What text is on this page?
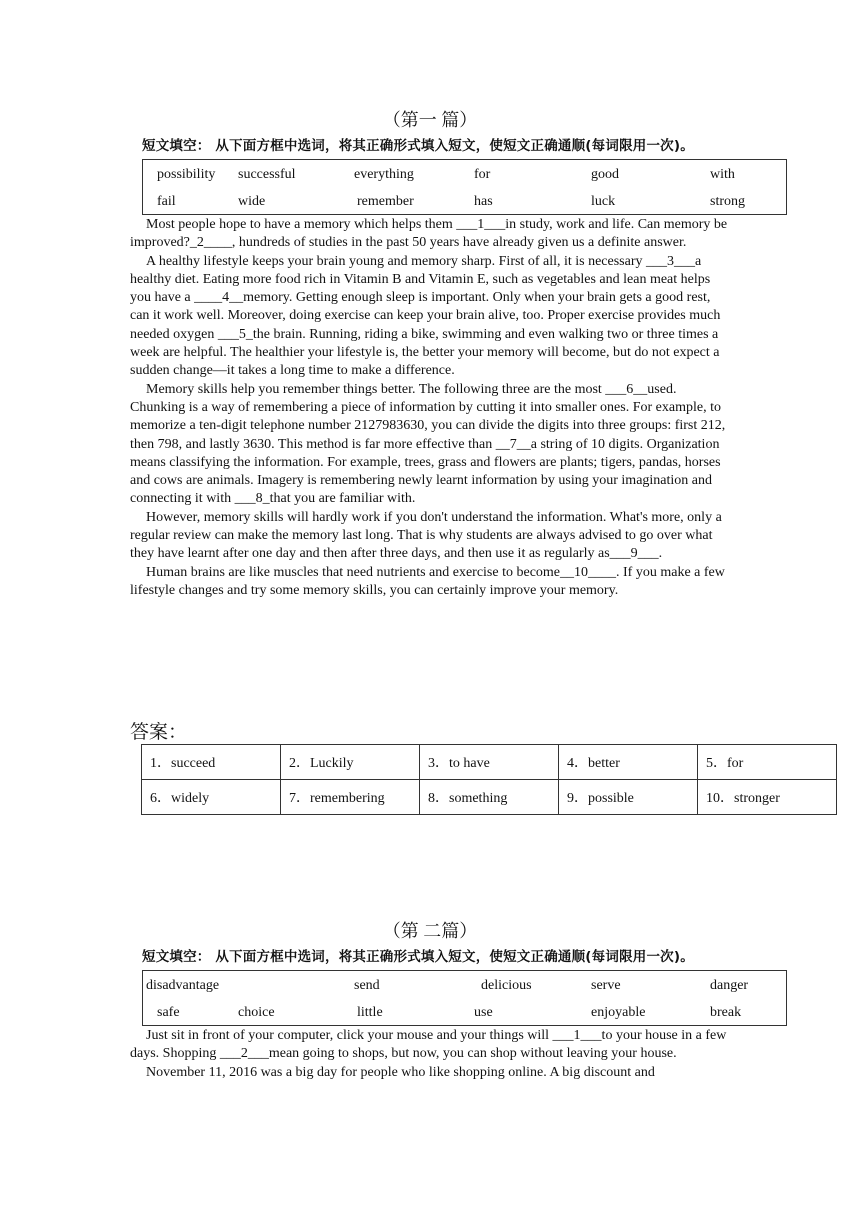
（第一 篇）
短文填空： 从下面方框中选词，将其正确形式填入短文，使短文正确通顺(每词限用一次)。
possibility successful	everything	for	good	with
fail	wide	remember	has	luck	strong

Most people hope to have a memory which helps them ___1___in study, work and life. Can memory be improved?_2____, hundreds of studies in the past 50 years have already given us a definite answer.

A healthy lifestyle keeps your brain young and memory sharp. First of all, it is necessary ___3___a healthy diet. Eating more food rich in Vitamin B and Vitamin E, such as vegetables and lean meat helps you have a ____4__memory. Getting enough sleep is important. Only when your brain gets a good rest, can it work well. Moreover, doing exercise can keep your brain alive, too. Proper exercise provides much needed oxygen ___5_the brain. Running, riding a bike, swimming and even walking two or three times a week are helpful. The healthier your lifestyle is, the better your memory will become, but do not expect a sudden change—it takes a long time to make a difference.

Memory skills help you remember things better. The following three are the most ___6__used. Chunking is a way of remembering a piece of information by cutting it into smaller ones. For example, to memorize a ten-digit telephone number 2127983630, you can divide the digits into three groups: first 212, then 798, and lastly 3630. This method is far more effective than __7__a string of 10 digits. Organization means classifying the information. For example, trees, grass and flowers are plants; tigers, pandas, horses and cows are animals. Imagery is remembering newly learnt information by using your imagination and connecting it with ___8_that you are familiar with.

However, memory skills will hardly work if you don't understand the information. What's more, only a regular review can make the memory last long. That is why students are always advised to go over what they have learnt after one day and then after three days, and then use it as regularly as___9___.

Human brains are like muscles that need nutrients and exercise to become__10____. If you make a few lifestyle changes and try some memory skills, you can certainly improve your memory.

答案：
1．succeed	2．Luckily	3．to have	4．better	5．for
6．widely	7．remembering	8．something	9．possible	10．stronger
（第 二篇）
短文填空： 从下面方框中选词，将其正确形式填入短文，使短文正确通顺(每词限用一次)。
disadvantage	send	delicious	serve	danger
safe	choice	little	use	enjoyable	break

Just sit in front of your computer, click your mouse and your things will ___1___to your house in a few days. Shopping ___2___mean going to shops, but now, you can shop without leaving your house.

November 11, 2016 was a big day for people who like shopping online. A big discount and
